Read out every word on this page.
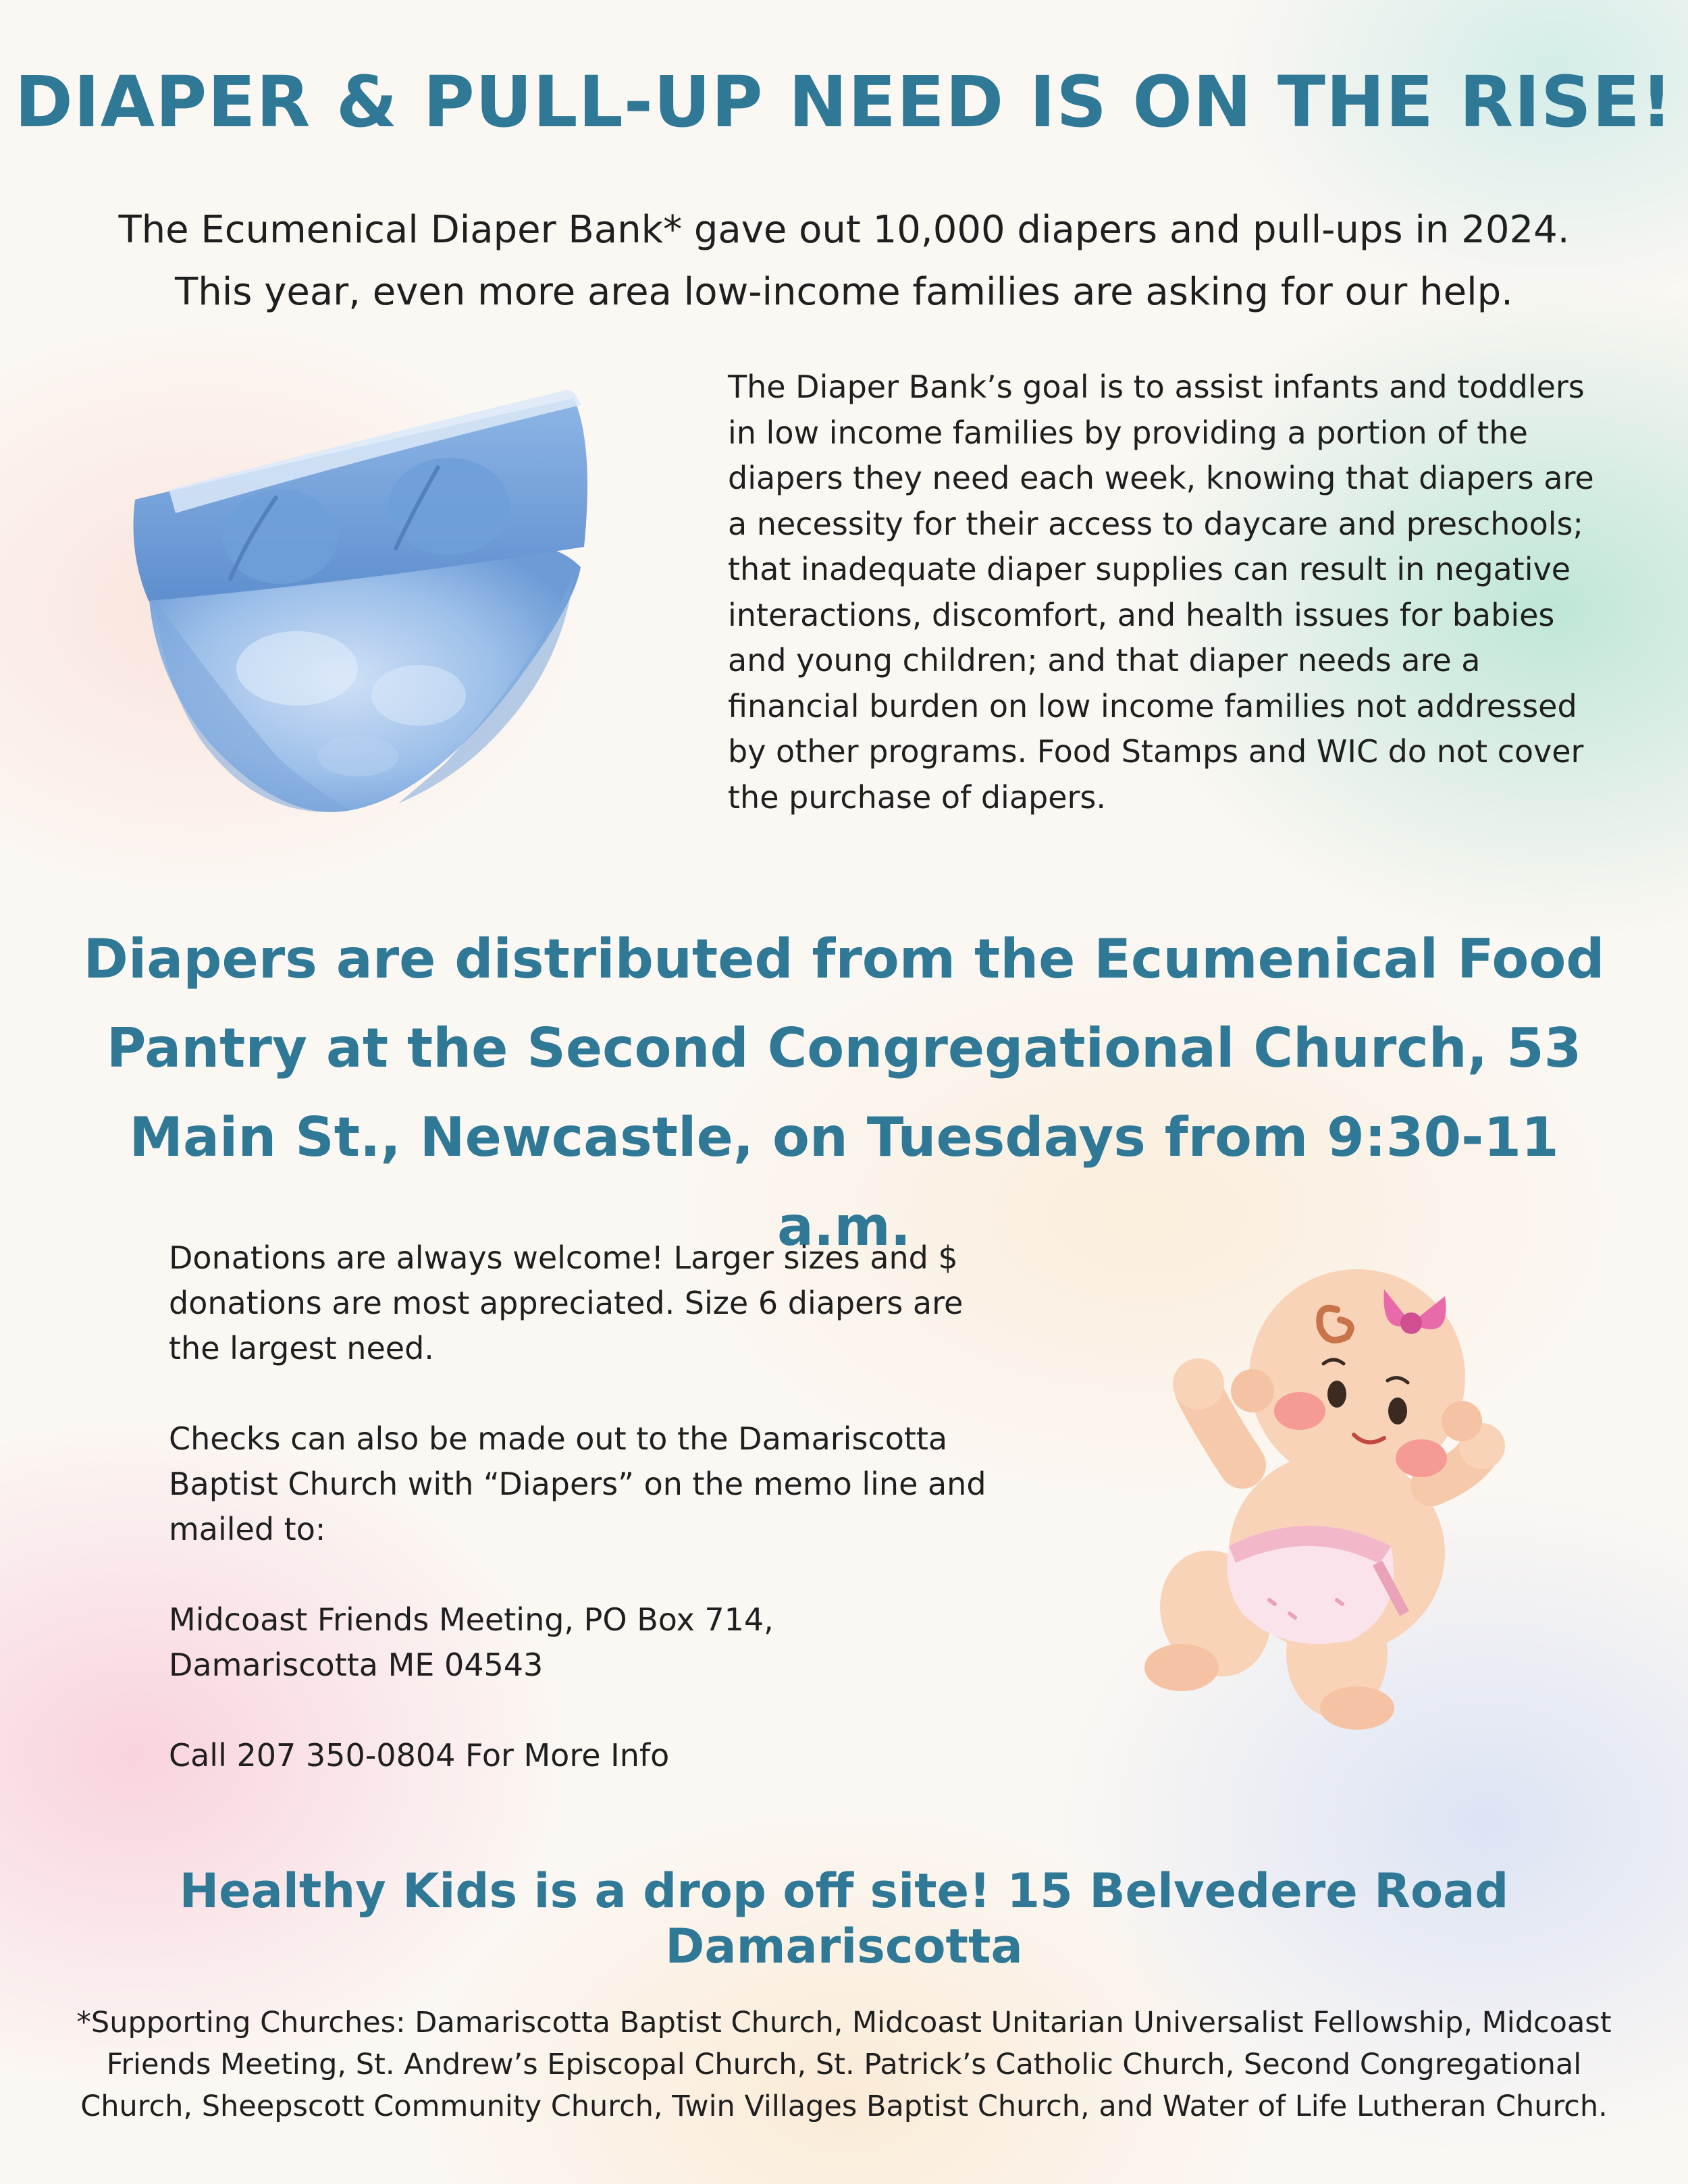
DIAPER & PULL-UP NEED IS ON THE RISE!
The Ecumenical Diaper Bank* gave out 10,000 diapers and pull-ups in 2024.
This year, even more area low-income families are asking for our help.
The Diaper Bank’s goal is to assist infants and toddlers in low income families by providing a portion of the diapers they need each week, knowing that diapers are a necessity for their access to daycare and preschools; that inadequate diaper supplies can result in negative interactions, discomfort, and health issues for babies and young children; and that diaper needs are a financial burden on low income families not addressed by other programs. Food Stamps and WIC do not cover the purchase of diapers.
Diapers are distributed from the Ecumenical Food
Pantry at the Second Congregational Church, 53
Main St., Newcastle, on Tuesdays from 9:30-11 a.m.

Donations are always welcome! Larger sizes and $ donations are most appreciated. Size 6 diapers are the largest need.

Checks can also be made out to the Damariscotta Baptist Church with “Diapers” on the memo line and mailed to:

Midcoast Friends Meeting, PO Box 714,
Damariscotta ME 04543

Call 207 350-0804 For More Info

Healthy Kids is a drop off site! 15 Belvedere Road Damariscotta
*Supporting Churches: Damariscotta Baptist Church, Midcoast Unitarian Universalist Fellowship, Midcoast Friends Meeting, St. Andrew’s Episcopal Church, St. Patrick’s Catholic Church, Second Congregational Church, Sheepscott Community Church, Twin Villages Baptist Church, and Water of Life Lutheran Church.
